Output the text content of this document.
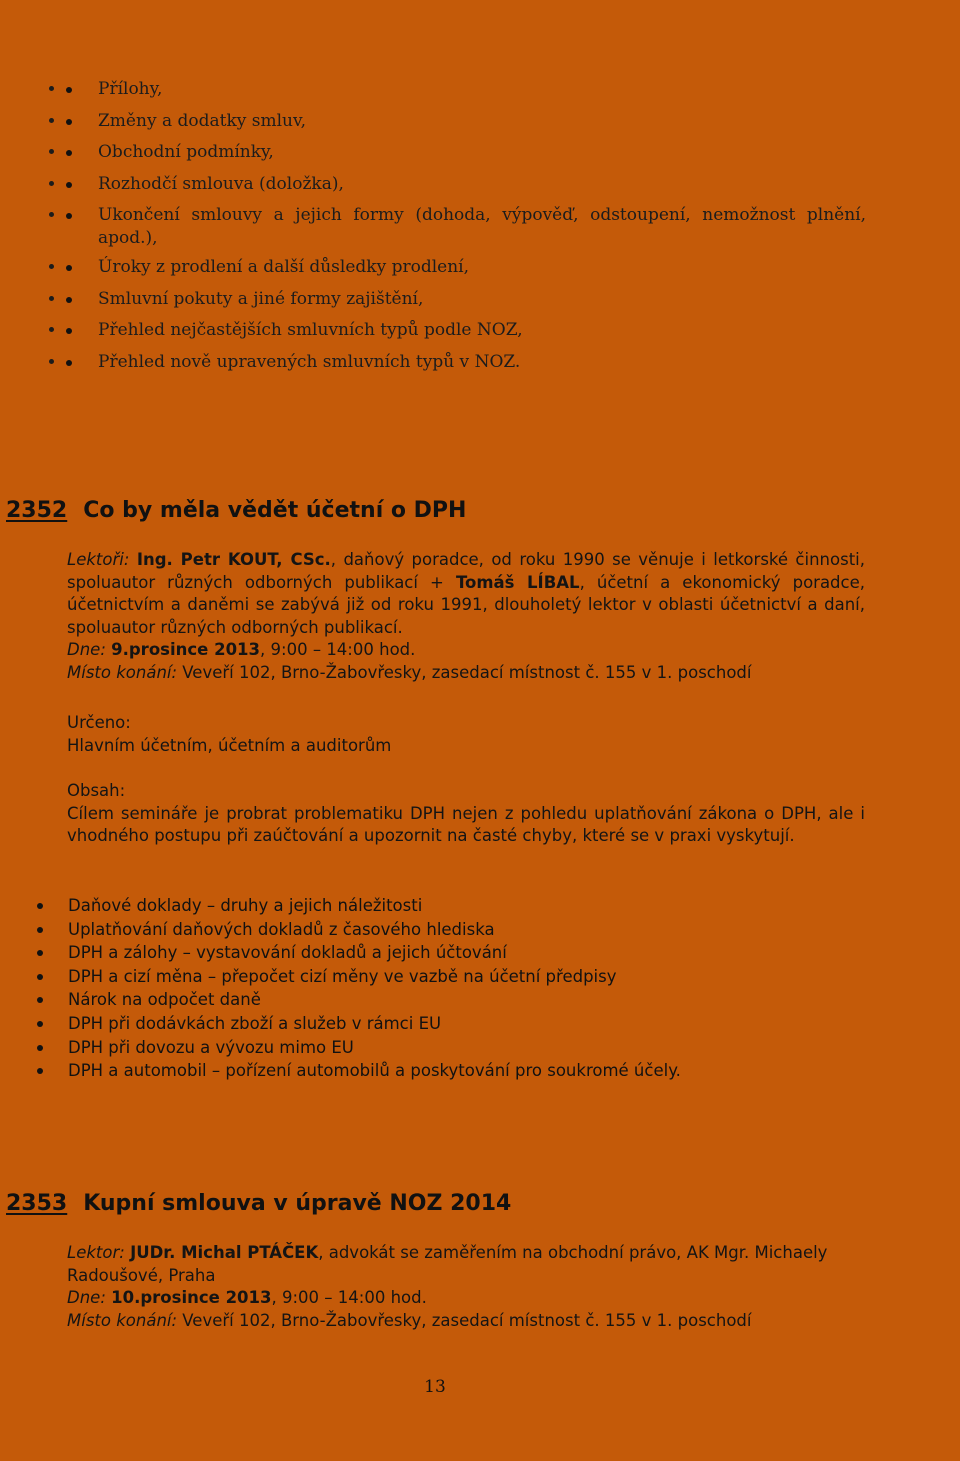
• Přílohy,
• Změny a dodatky smluv,
• Obchodní podmínky,
• Rozhodčí smlouva (doložka),
• Ukončení smlouvy a jejich formy (dohoda, výpověď, odstoupení, nemožnost plnění, apod.),
• Úroky z prodlení a další důsledky prodlení,
• Smluvní pokuty a jiné formy zajištění,
• Přehled nejčastějších smluvních typů podle NOZ,
• Přehled nově upravených smluvních typů v NOZ.
2352 Co by měla vědět účetní o DPH
Lektoři: Ing. Petr KOUT, CSc., daňový poradce, od roku 1990 se věnuje i letkorské činnosti, spoluautor různých odborných publikací + Tomáš LÍBAL, účetní a ekonomický poradce, účetnictvím a daněmi se zabývá již od roku 1991, dlouholetý lektor v oblasti účetnictví a daní, spoluautor různých odborných publikací.
Dne: 9.prosince 2013, 9:00 – 14:00 hod.
Místo konání: Veveří 102, Brno-Žabovřesky, zasedací místnost č. 155 v 1. poschodí
Určeno:
Hlavním účetním, účetním a auditorům
Obsah:
Cílem semináře je probrat problematiku DPH nejen z pohledu uplatňování zákona o DPH, ale i vhodného postupu při zaúčtování a upozornit na časté chyby, které se v praxi vyskytují.
Daňové doklady – druhy a jejich náležitosti
Uplatňování daňových dokladů z časového hlediska
DPH a zálohy – vystavování dokladů a jejich účtování
DPH a cizí měna – přepočet cizí měny ve vazbě na účetní předpisy
Nárok na odpočet daně
DPH při dodávkách zboží a služeb v rámci EU
DPH při dovozu a vývozu mimo EU
DPH a automobil – pořízení automobilů a poskytování pro soukromé účely.
2353 Kupní smlouva v úpravě NOZ 2014
Lektor: JUDr. Michal PTÁČEK, advokát se zaměřením na obchodní právo, AK Mgr. Michaely Radoušové, Praha
Dne: 10.prosince 2013, 9:00 – 14:00 hod.
Místo konání: Veveří 102, Brno-Žabovřesky, zasedací místnost č. 155 v 1. poschodí
13
